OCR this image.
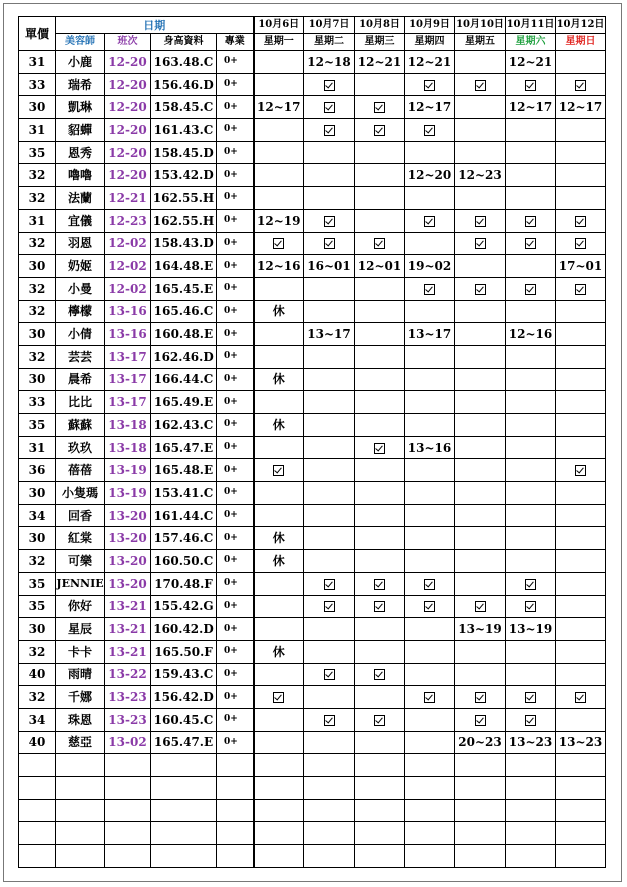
單價	日期				10月6日	10月7日	10月8日	10月9日	10月10日	10月11日	10月12日
	美容師	班次	身高資料	專業	星期一	星期二	星期三	星期四	星期五	星期六	星期日
31	小鹿	12-20	163.48.C	0+		12~18	12~21	12~21		12~21	
33	瑞希	12-20	156.46.D	0+							
30	凱琳	12-20	158.45.C	0+	12~17			12~17		12~17	12~17
31	貂蟬	12-20	161.43.C	0+							
35	恩秀	12-20	158.45.D	0+							
32	嚕嚕	12-20	153.42.D	0+				12~20	12~23		
32	法蘭	12-21	162.55.H	0+							
31	宜儀	12-23	162.55.H	0+	12~19						
32	羽恩	12-02	158.43.D	0+							
30	奶姬	12-02	164.48.E	0+	12~16	16~01	12~01	19~02			17~01
32	小曼	12-02	165.45.E	0+							
32	檸檬	13-16	165.46.C	0+	休						
30	小倩	13-16	160.48.E	0+		13~17		13~17		12~16	
32	芸芸	13-17	162.46.D	0+							
30	晨希	13-17	166.44.C	0+	休						
33	比比	13-17	165.49.E	0+							
35	蘇蘇	13-18	162.43.C	0+	休						
31	玖玖	13-18	165.47.E	0+				13~16			
36	蓓蓓	13-19	165.48.E	0+							
30	小隻瑪	13-19	153.41.C	0+							
34	回香	13-20	161.44.C	0+							
30	紅棠	13-20	157.46.C	0+	休						
32	可樂	13-20	160.50.C	0+	休						
35	JENNIE	13-20	170.48.F	0+							
35	你好	13-21	155.42.G	0+							
30	星辰	13-21	160.42.D	0+					13~19	13~19	
32	卡卡	13-21	165.50.F	0+	休						
40	雨晴	13-22	159.43.C	0+							
32	千娜	13-23	156.42.D	0+							
34	珠恩	13-23	160.45.C	0+							
40	慈亞	13-02	165.47.E	0+					20~23	13~23	13~23
